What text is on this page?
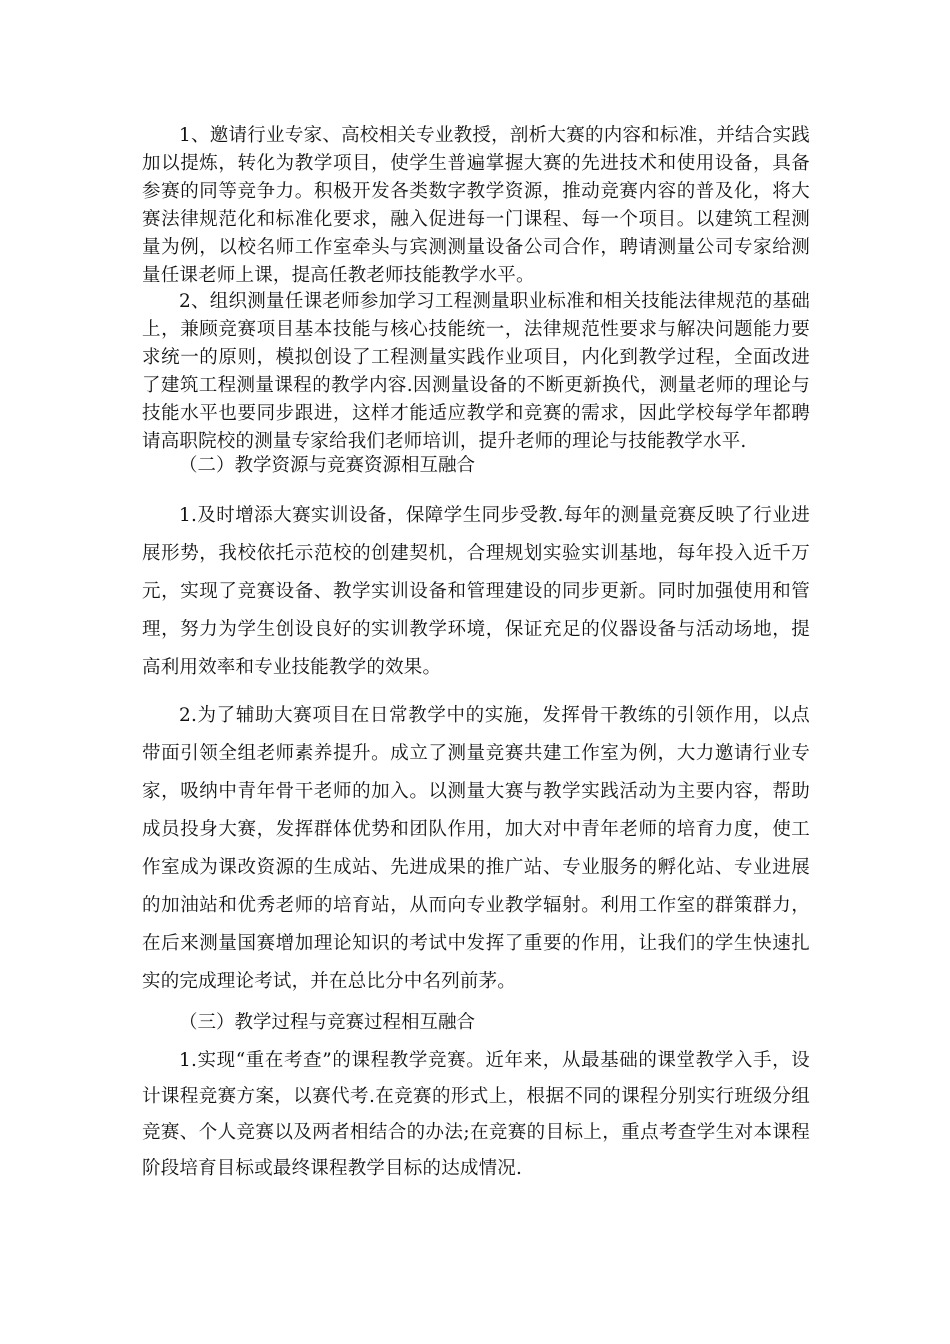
1、邀请行业专家、高校相关专业教授，剖析大赛的内容和标准，并结合实践加以提炼，转化为教学项目，使学生普遍掌握大赛的先进技术和使用设备，具备参赛的同等竞争力。积极开发各类数字教学资源，推动竞赛内容的普及化，将大赛法律规范化和标准化要求，融入促进每一门课程、每一个项目。以建筑工程测量为例，以校名师工作室牵头与宾测测量设备公司合作，聘请测量公司专家给测量任课老师上课，提高任教老师技能教学水平。

2、组织测量任课老师参加学习工程测量职业标准和相关技能法律规范的基础上，兼顾竞赛项目基本技能与核心技能统一，法律规范性要求与解决问题能力要求统一的原则，模拟创设了工程测量实践作业项目，内化到教学过程，全面改进了建筑工程测量课程的教学内容.因测量设备的不断更新换代，测量老师的理论与技能水平也要同步跟进，这样才能适应教学和竞赛的需求，因此学校每学年都聘请高职院校的测量专家给我们老师培训，提升老师的理论与技能教学水平.

（二）教学资源与竞赛资源相互融合

1.及时增添大赛实训设备，保障学生同步受教.每年的测量竞赛反映了行业进展形势，我校依托示范校的创建契机，合理规划实验实训基地，每年投入近千万元，实现了竞赛设备、教学实训设备和管理建设的同步更新。同时加强使用和管理，努力为学生创设良好的实训教学环境，保证充足的仪器设备与活动场地，提高利用效率和专业技能教学的效果。

2.为了辅助大赛项目在日常教学中的实施，发挥骨干教练的引领作用，以点带面引领全组老师素养提升。成立了测量竞赛共建工作室为例，大力邀请行业专家，吸纳中青年骨干老师的加入。以测量大赛与教学实践活动为主要内容，帮助成员投身大赛，发挥群体优势和团队作用，加大对中青年老师的培育力度，使工作室成为课改资源的生成站、先进成果的推广站、专业服务的孵化站、专业进展的加油站和优秀老师的培育站，从而向专业教学辐射。利用工作室的群策群力，在后来测量国赛增加理论知识的考试中发挥了重要的作用，让我们的学生快速扎实的完成理论考试，并在总比分中名列前茅。

（三）教学过程与竞赛过程相互融合

1.实现“重在考查”的课程教学竞赛。近年来，从最基础的课堂教学入手，设计课程竞赛方案，以赛代考.在竞赛的形式上，根据不同的课程分别实行班级分组竞赛、个人竞赛以及两者相结合的办法;在竞赛的目标上，重点考查学生对本课程阶段培育目标或最终课程教学目标的达成情况.
